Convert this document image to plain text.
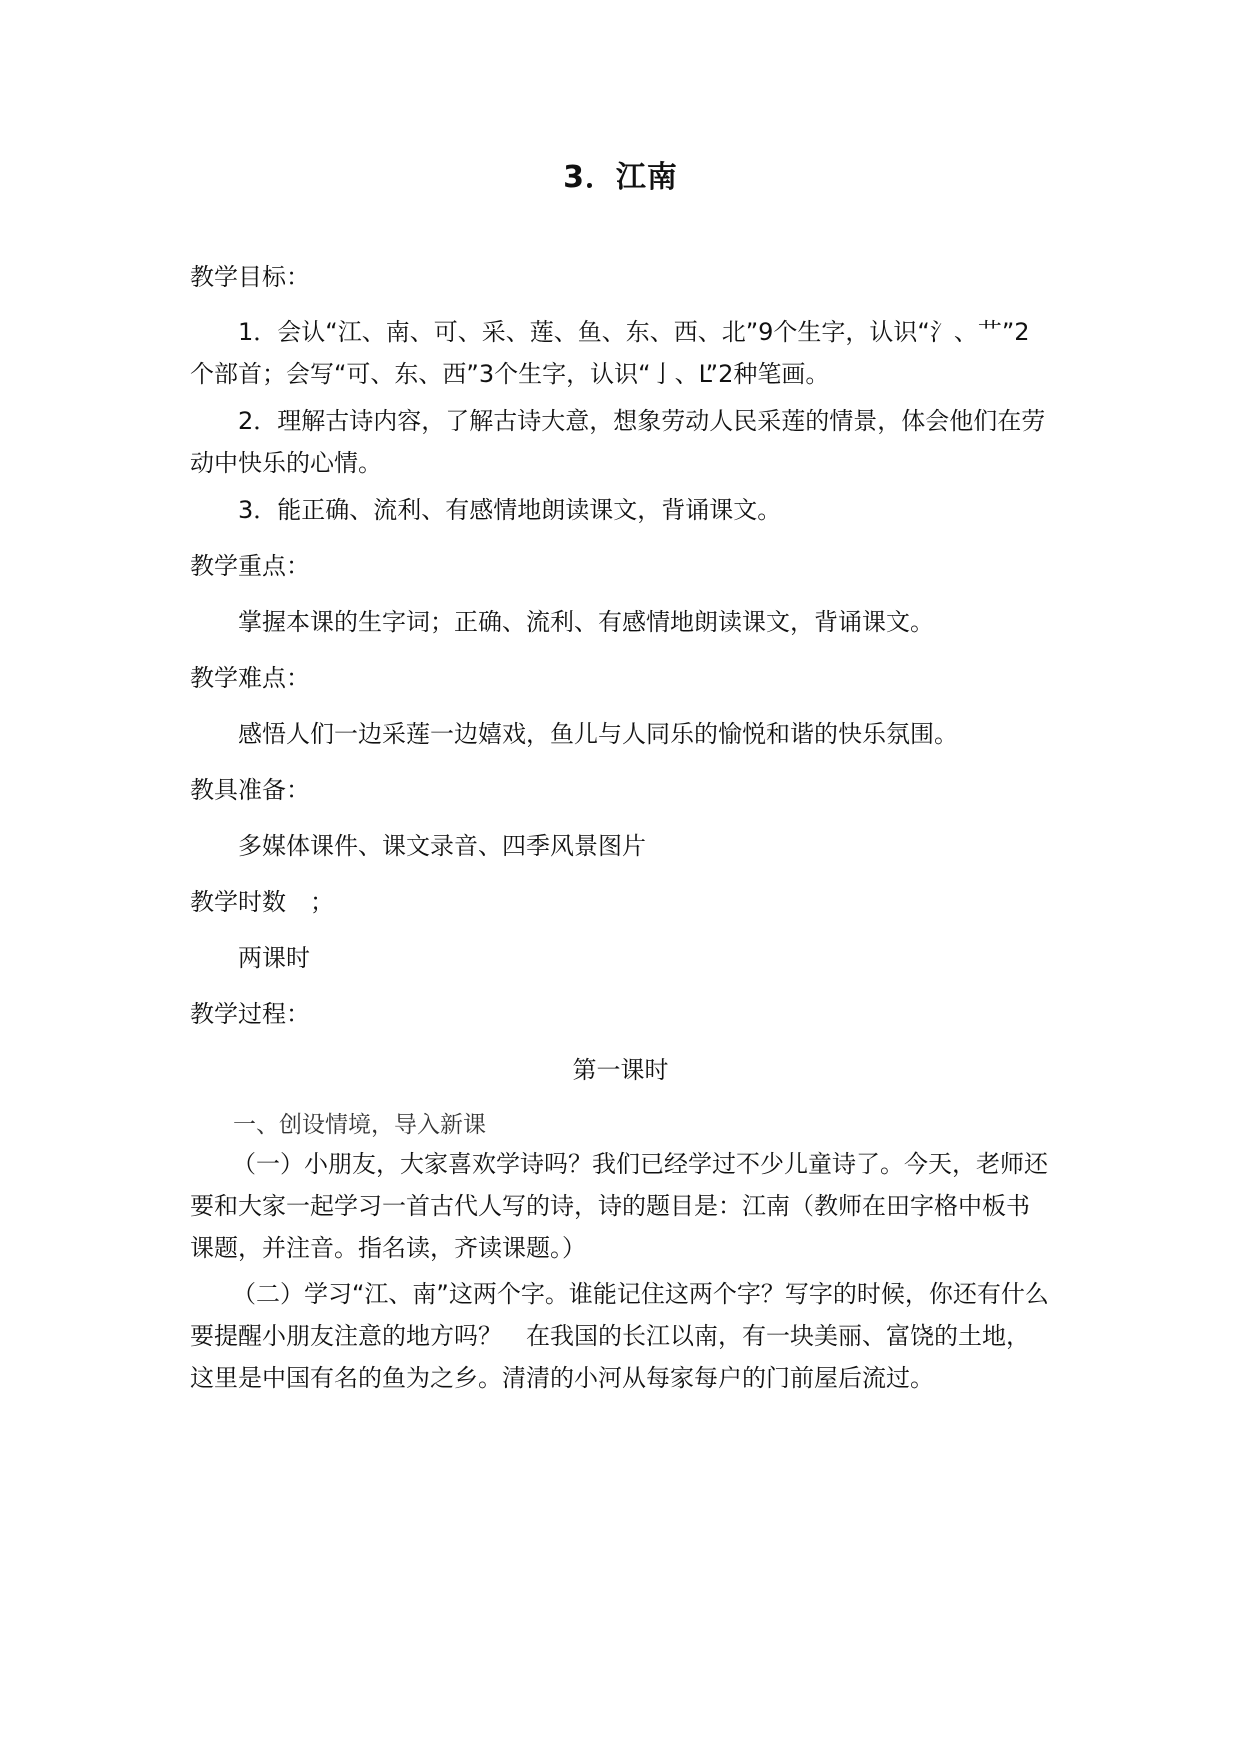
3．江南

教学目标：

1．会认“江、南、可、采、莲、鱼、东、西、北”9个生字，认识“氵、艹”2个部首；会写“可、东、西”3个生字，认识“亅、L”2种笔画。

2．理解古诗内容，了解古诗大意，想象劳动人民采莲的情景，体会他们在劳动中快乐的心情。

3．能正确、流利、有感情地朗读课文，背诵课文。

教学重点：

掌握本课的生字词；正确、流利、有感情地朗读课文，背诵课文。

教学难点：

感悟人们一边采莲一边嬉戏，鱼儿与人同乐的愉悦和谐的快乐氛围。

教具准备：

多媒体课件、课文录音、四季风景图片

教学时数　；

两课时

教学过程：

第一课时

一、创设情境，导入新课

（一）小朋友，大家喜欢学诗吗？我们已经学过不少儿童诗了。今天，老师还要和大家一起学习一首古代人写的诗，诗的题目是：江南（教师在田字格中板书课题，并注音。指名读，齐读课题。）

（二）学习“江、南”这两个字。谁能记住这两个字？写字的时候，你还有什么要提醒小朋友注意的地方吗？　在我国的长江以南，有一块美丽、富饶的土地，这里是中国有名的鱼为之乡。清清的小河从每家每户的门前屋后流过。
